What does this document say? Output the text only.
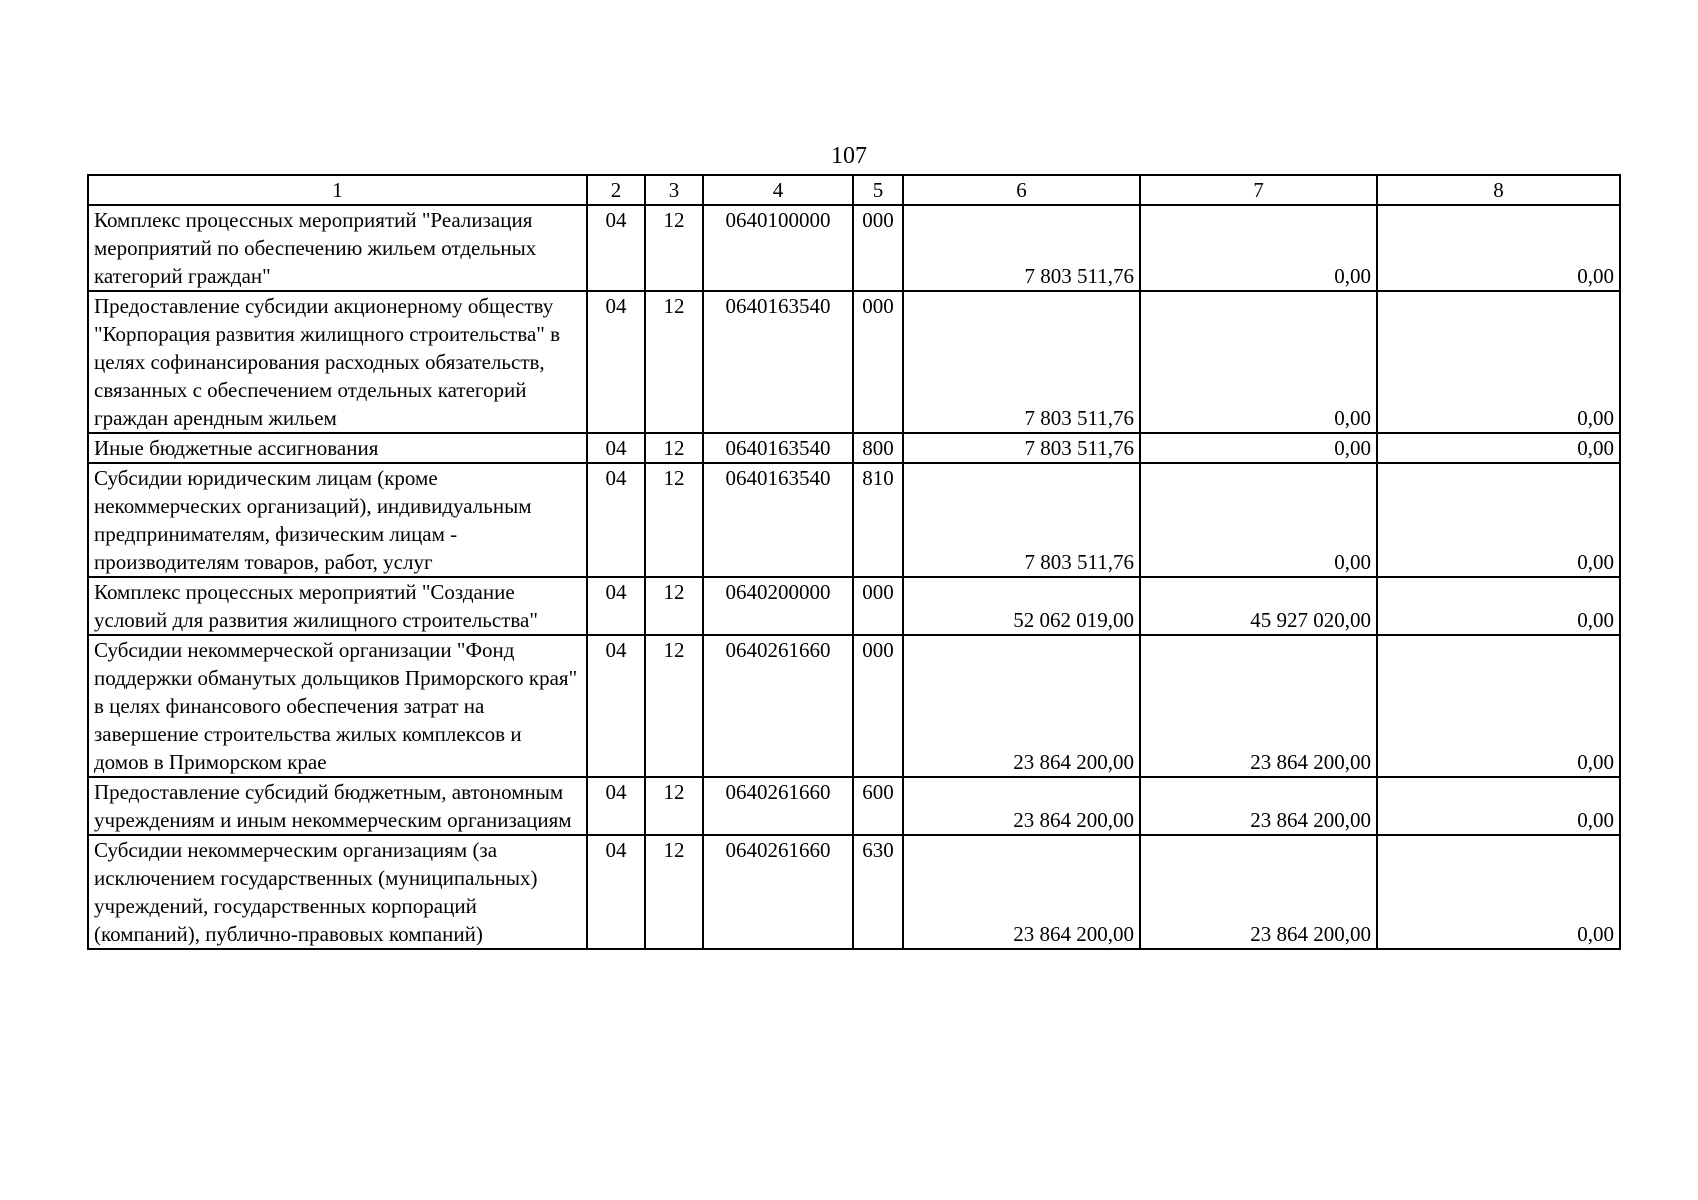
107
1	2	3	4	5	6	7	8
Комплекс процессных мероприятий "Реализация мероприятий по обеспечению жильем отдельных категорий граждан"	04	12	0640100000	000	7 803 511,76	0,00	0,00
Предоставление субсидии акционерному обществу "Корпорация развития жилищного строительства" в целях софинансирования расходных обязательств, связанных с обеспечением отдельных категорий граждан арендным жильем	04	12	0640163540	000	7 803 511,76	0,00	0,00
Иные бюджетные ассигнования	04	12	0640163540	800	7 803 511,76	0,00	0,00
Субсидии юридическим лицам (кроме некоммерческих организаций), индивидуальным предпринимателям, физическим лицам - производителям товаров, работ, услуг	04	12	0640163540	810	7 803 511,76	0,00	0,00
Комплекс процессных мероприятий "Создание условий для развития жилищного строительства"	04	12	0640200000	000	52 062 019,00	45 927 020,00	0,00
Субсидии некоммерческой организации "Фонд поддержки обманутых дольщиков Приморского края" в целях финансового обеспечения затрат на завершение строительства жилых комплексов и домов в Приморском крае	04	12	0640261660	000	23 864 200,00	23 864 200,00	0,00
Предоставление субсидий бюджетным, автономным учреждениям и иным некоммерческим организациям	04	12	0640261660	600	23 864 200,00	23 864 200,00	0,00
Субсидии некоммерческим организациям (за исключением государственных (муниципальных) учреждений, государственных корпораций (компаний), публично-правовых компаний)	04	12	0640261660	630	23 864 200,00	23 864 200,00	0,00
